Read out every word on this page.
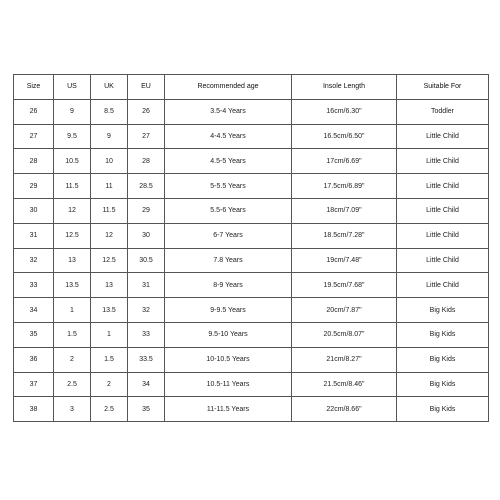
Size	US	UK	EU	Recommended age	Insole Length	Suitable For
26	9	8.5	26	3.5-4 Years	16cm/6.30"	Toddler
27	9.5	9	27	4-4.5 Years	16.5cm/6.50"	Little Child
28	10.5	10	28	4.5-5 Years	17cm/6.69"	Little Child
29	11.5	11	28.5	5-5.5 Years	17.5cm/6.89"	Little Child
30	12	11.5	29	5.5-6 Years	18cm/7.09"	Little Child
31	12.5	12	30	6-7 Years	18.5cm/7.28"	Little Child
32	13	12.5	30.5	7.8 Years	19cm/7.48"	Little Child
33	13.5	13	31	8-9 Years	19.5cm/7.68"	Little Child
34	1	13.5	32	9-9.5 Years	20cm/7.87"	Big Kids
35	1.5	1	33	9.5-10 Years	20.5cm/8.07"	Big Kids
36	2	1.5	33.5	10-10.5 Years	21cm/8.27"	Big Kids
37	2.5	2	34	10.5-11 Years	21.5cm/8.46"	Big Kids
38	3	2.5	35	11-11.5 Years	22cm/8.66"	Big Kids
